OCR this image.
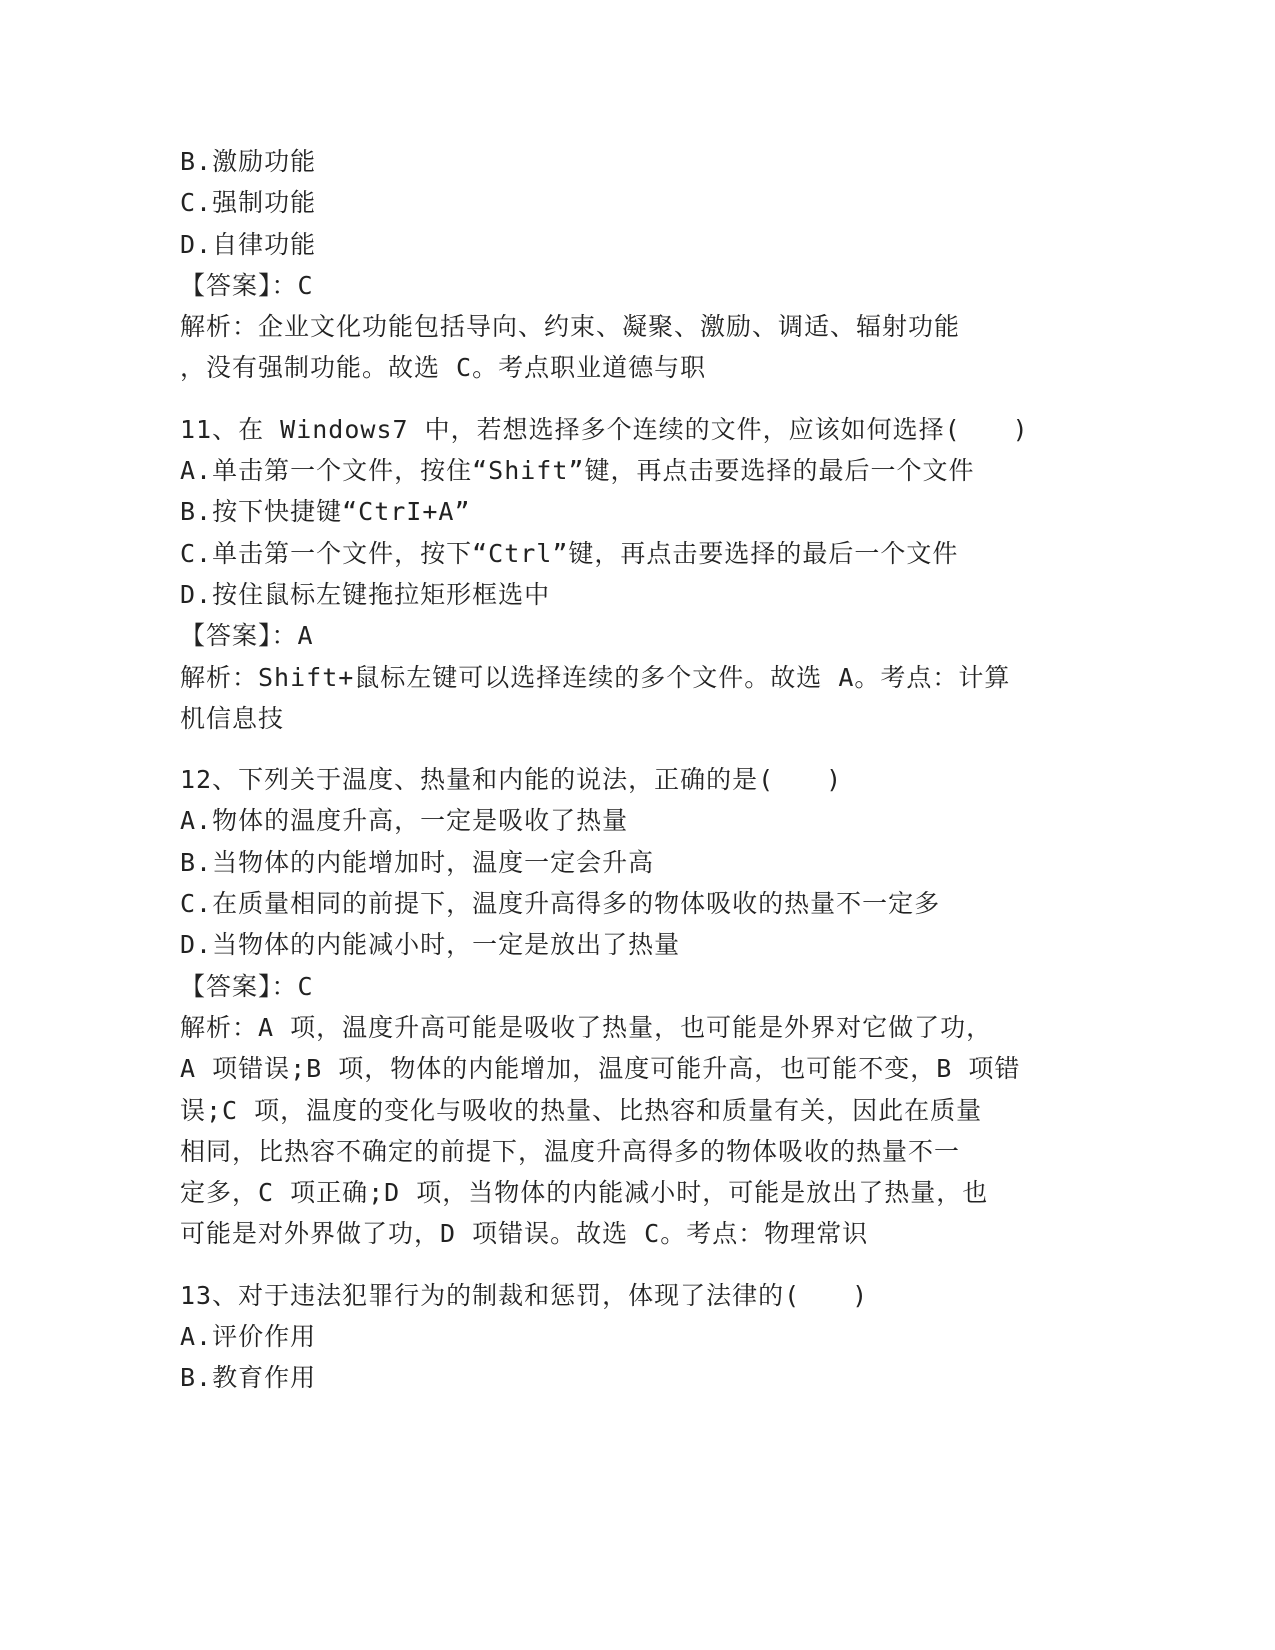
B.激励功能
C.强制功能
D.自律功能
【答案】：C
解析：企业文化功能包括导向、约束、凝聚、激励、调适、辐射功能
，没有强制功能。故选 C。考点职业道德与职
11、在 Windows7 中，若想选择多个连续的文件，应该如何选择(　　)
A.单击第一个文件，按住“Shift”键，再点击要选择的最后一个文件
B.按下快捷键“CtrI+A”
C.单击第一个文件，按下“Ctrl”键，再点击要选择的最后一个文件
D.按住鼠标左键拖拉矩形框选中
【答案】：A
解析：Shift+鼠标左键可以选择连续的多个文件。故选 A。考点：计算
机信息技
12、下列关于温度、热量和内能的说法，正确的是(　　)
A.物体的温度升高，一定是吸收了热量
B.当物体的内能增加时，温度一定会升高
C.在质量相同的前提下，温度升高得多的物体吸收的热量不一定多
D.当物体的内能减小时，一定是放出了热量
【答案】：C
解析：A 项，温度升高可能是吸收了热量，也可能是外界对它做了功，
A 项错误;B 项，物体的内能增加，温度可能升高，也可能不变，B 项错
误;C 项，温度的变化与吸收的热量、比热容和质量有关，因此在质量
相同，比热容不确定的前提下，温度升高得多的物体吸收的热量不一
定多，C 项正确;D 项，当物体的内能减小时，可能是放出了热量，也
可能是对外界做了功，D 项错误。故选 C。考点：物理常识
13、对于违法犯罪行为的制裁和惩罚，体现了法律的(　　)
A.评价作用
B.教育作用
